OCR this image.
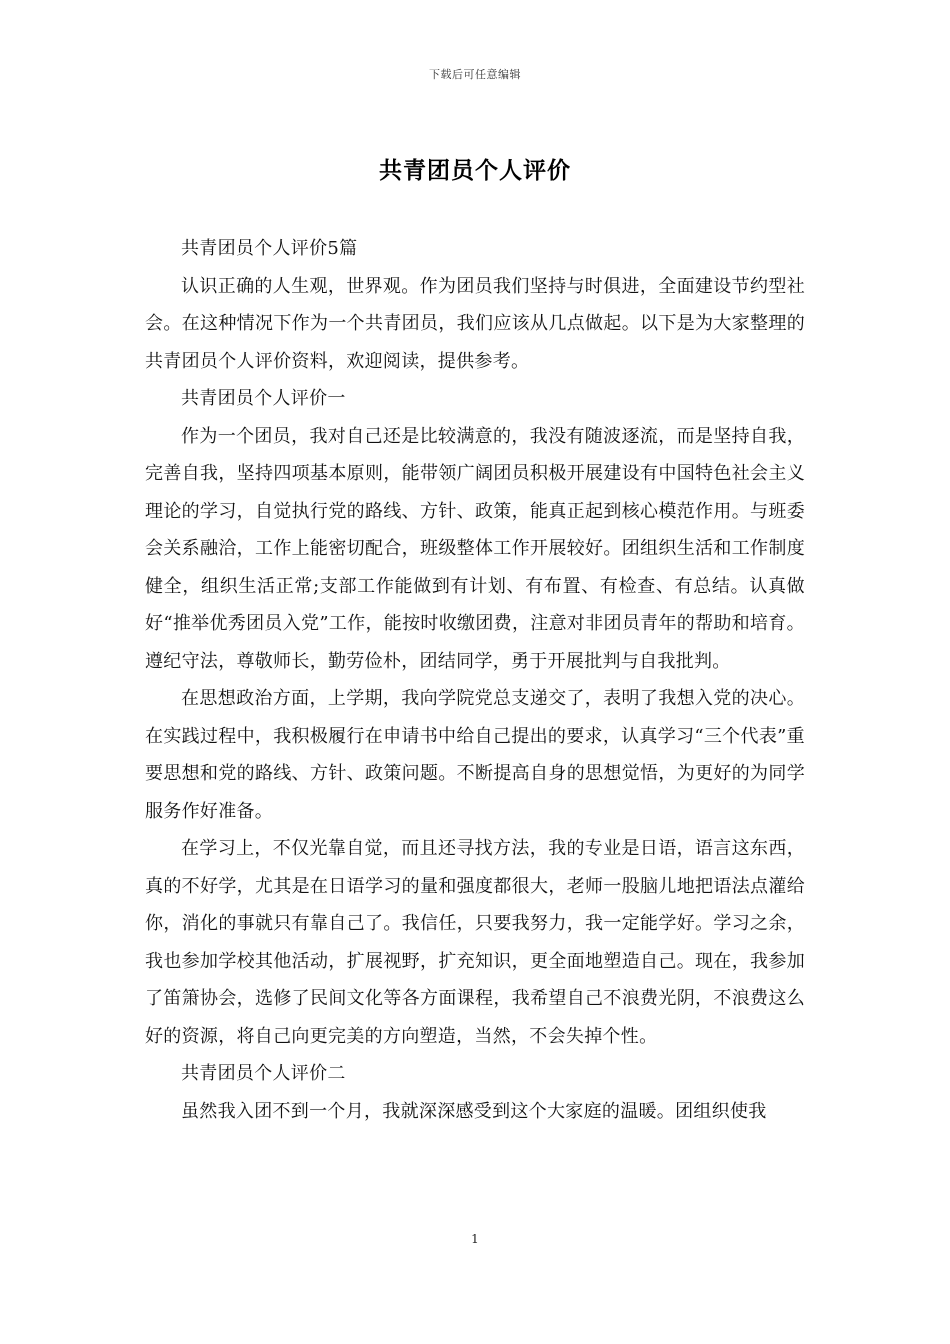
下载后可任意编辑
共青团员个人评价

共青团员个人评价5篇

认识正确的人生观，世界观。作为团员我们坚持与时俱进，全面建设节约型社会。在这种情况下作为一个共青团员，我们应该从几点做起。以下是为大家整理的共青团员个人评价资料，欢迎阅读，提供参考。

共青团员个人评价一

作为一个团员，我对自己还是比较满意的，我没有随波逐流，而是坚持自我，完善自我，坚持四项基本原则，能带领广阔团员积极开展建设有中国特色社会主义理论的学习，自觉执行党的路线、方针、政策，能真正起到核心模范作用。与班委会关系融洽，工作上能密切配合，班级整体工作开展较好。团组织生活和工作制度健全，组织生活正常;支部工作能做到有计划、有布置、有检查、有总结。认真做好“推举优秀团员入党”工作，能按时收缴团费，注意对非团员青年的帮助和培育。遵纪守法，尊敬师长，勤劳俭朴，团结同学，勇于开展批判与自我批判。

在思想政治方面，上学期，我向学院党总支递交了，表明了我想入党的决心。在实践过程中，我积极履行在申请书中给自己提出的要求，认真学习“三个代表”重要思想和党的路线、方针、政策问题。不断提高自身的思想觉悟，为更好的为同学服务作好准备。

在学习上，不仅光靠自觉，而且还寻找方法，我的专业是日语，语言这东西，真的不好学，尤其是在日语学习的量和强度都很大，老师一股脑儿地把语法点灌给你，消化的事就只有靠自己了。我信任，只要我努力，我一定能学好。学习之余，我也参加学校其他活动，扩展视野，扩充知识，更全面地塑造自己。现在，我参加了笛箫协会，选修了民间文化等各方面课程，我希望自己不浪费光阴，不浪费这么好的资源，将自己向更完美的方向塑造，当然，不会失掉个性。

共青团员个人评价二

虽然我入团不到一个月，我就深深感受到这个大家庭的温暖。团组织使我

1
